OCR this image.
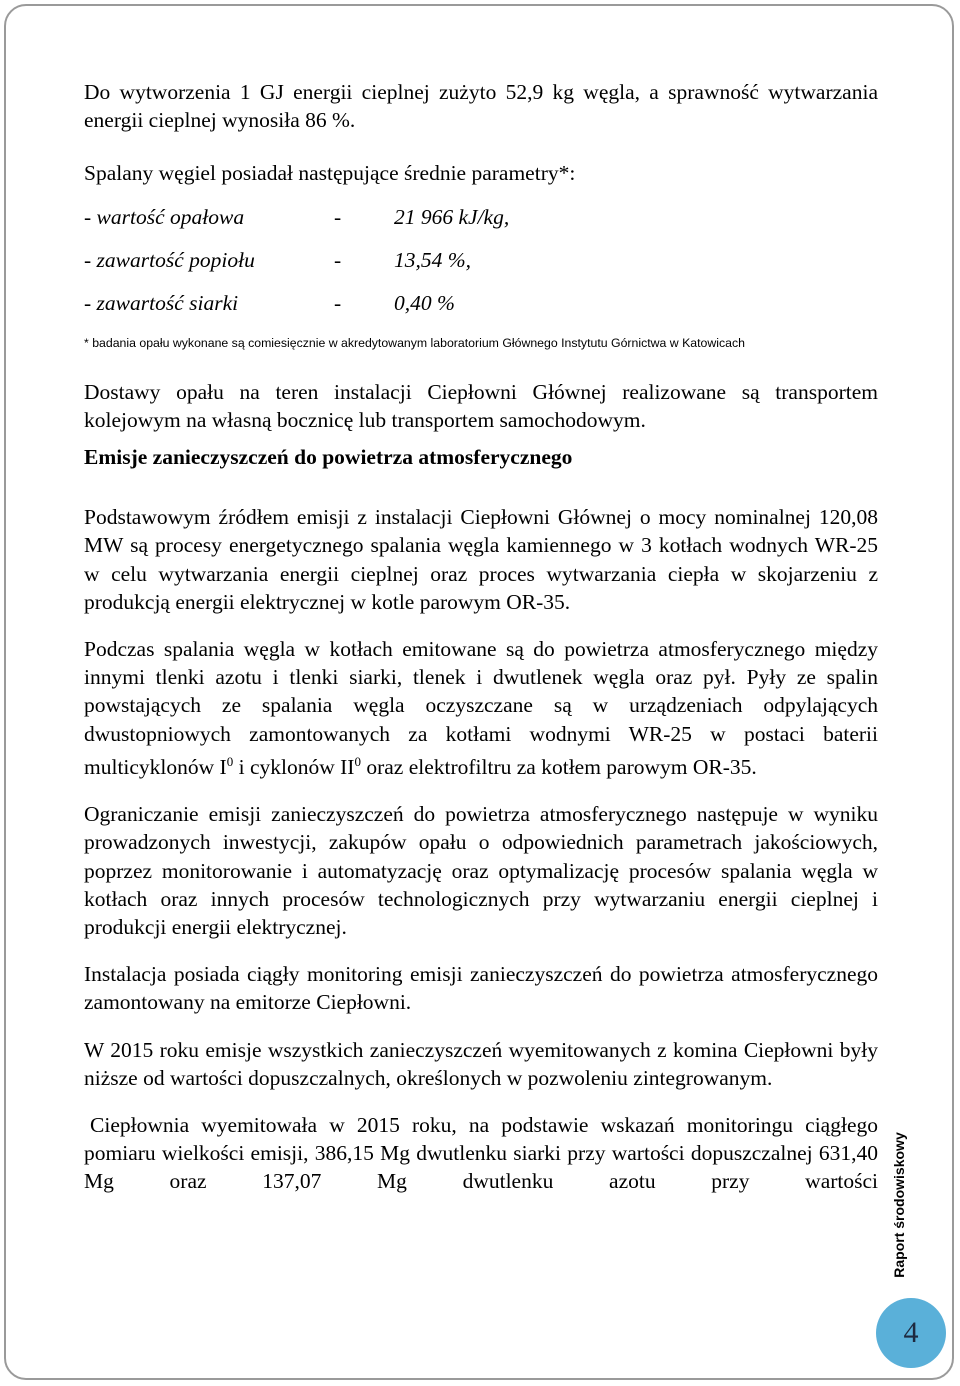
Do wytworzenia 1 GJ energii cieplnej zużyto 52,9 kg węgla, a sprawność wytwarzania energii cieplnej wynosiła 86 %.

Spalany węgiel posiadał następujące średnie parametry*:

- wartość opałowa	-	21 966 kJ/kg,
- zawartość popiołu	-	13,54 %,
- zawartość siarki	-	0,40 %

* badania opału wykonane są comiesięcznie w akredytowanym laboratorium Głównego Instytutu Górnictwa w Katowicach

Dostawy opału na teren instalacji Ciepłowni Głównej realizowane są transportem kolejowym na własną bocznicę lub transportem samochodowym.

Emisje zanieczyszczeń do powietrza atmosferycznego

Podstawowym źródłem emisji z instalacji Ciepłowni Głównej o mocy nominalnej 120,08 MW są procesy energetycznego spalania węgla kamiennego w 3 kotłach wodnych WR-25 w celu wytwarzania energii cieplnej oraz proces wytwarzania ciepła w skojarzeniu z produkcją energii elektrycznej w kotle parowym OR-35.

Podczas spalania węgla w kotłach emitowane są do powietrza atmosferycznego między innymi tlenki azotu i tlenki siarki, tlenek i dwutlenek węgla oraz pył. Pyły ze spalin powstających ze spalania węgla oczyszczane są w urządzeniach odpylających dwustopniowych zamontowanych za kotłami wodnymi WR-25 w postaci baterii multicyklonów $I^0$ i cyklonów $II^0$ oraz elektrofiltru za kotłem parowym OR-35.

Ograniczanie emisji zanieczyszczeń do powietrza atmosferycznego następuje w wyniku prowadzonych inwestycji, zakupów opału o odpowiednich parametrach jakościowych, poprzez monitorowanie i automatyzację oraz optymalizację procesów spalania węgla w kotłach oraz innych procesów technologicznych przy wytwarzaniu energii cieplnej i produkcji energii elektrycznej.

Instalacja posiada ciągły monitoring emisji zanieczyszczeń do powietrza atmosferycznego zamontowany na emitorze Ciepłowni.

W 2015 roku emisje wszystkich zanieczyszczeń wyemitowanych z komina Ciepłowni były niższe od wartości dopuszczalnych, określonych w pozwoleniu zintegrowanym.

Ciepłownia wyemitowała w 2015 roku, na podstawie wskazań monitoringu ciągłego pomiaru wielkości emisji, 386,15 Mg dwutlenku siarki przy wartości dopuszczalnej 631,40 Mg oraz 137,07 Mg dwutlenku azotu przy wartości Raport środowiskowy
4
